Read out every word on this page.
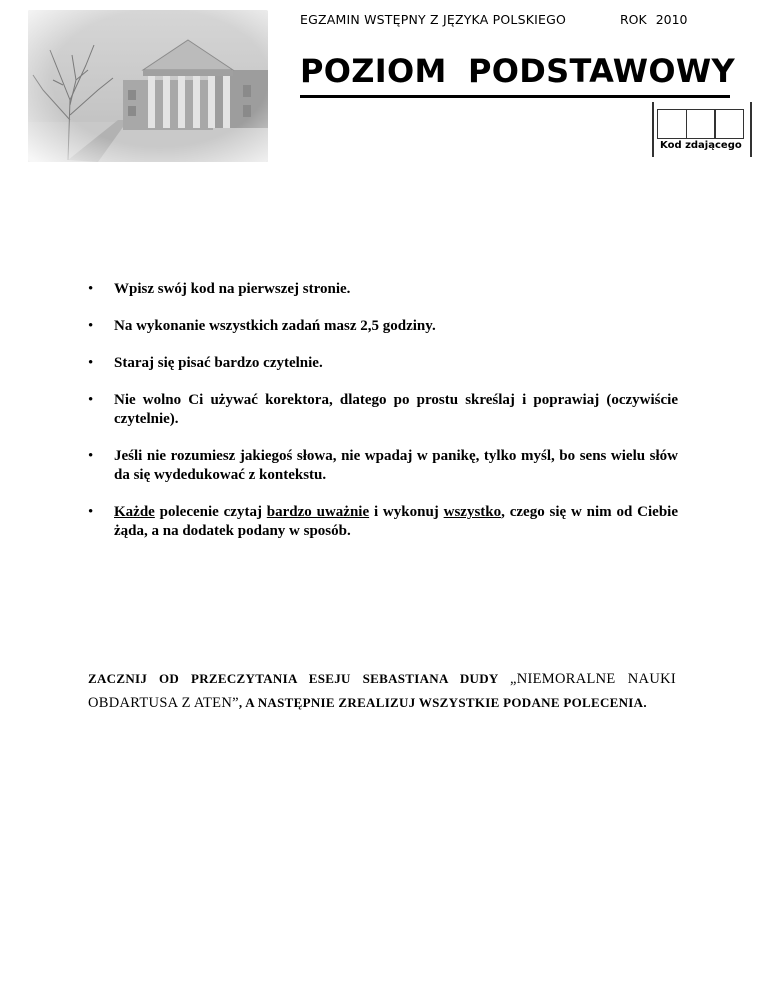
EGZAMIN WSTĘPNY Z JĘZYKA POLSKIEGO	ROK 2010
POZIOM PODSTAWOWY
Kod zdającego
• Wpisz swój kod na pierwszej stronie.
• Na wykonanie wszystkich zadań masz 2,5 godziny.
• Staraj się pisać bardzo czytelnie.
• Nie wolno Ci używać korektora, dlatego po prostu skreślaj i poprawiaj (oczywiście czytelnie).
• Jeśli nie rozumiesz jakiegoś słowa, nie wpadaj w panikę, tylko myśl, bo sens wielu słów da się wydedukować z kontekstu.
• Każde polecenie czytaj bardzo uważnie i wykonuj wszystko, czego się w nim od Ciebie żąda, a na dodatek podany w sposób.
ZACZNIJ OD PRZECZYTANIA ESEJU SEBASTIANA DUDY „NIEMORALNE NAUKI OBDARTUSA Z ATEN”, A NASTĘPNIE ZREALIZUJ WSZYSTKIE PODANE POLECENIA.
